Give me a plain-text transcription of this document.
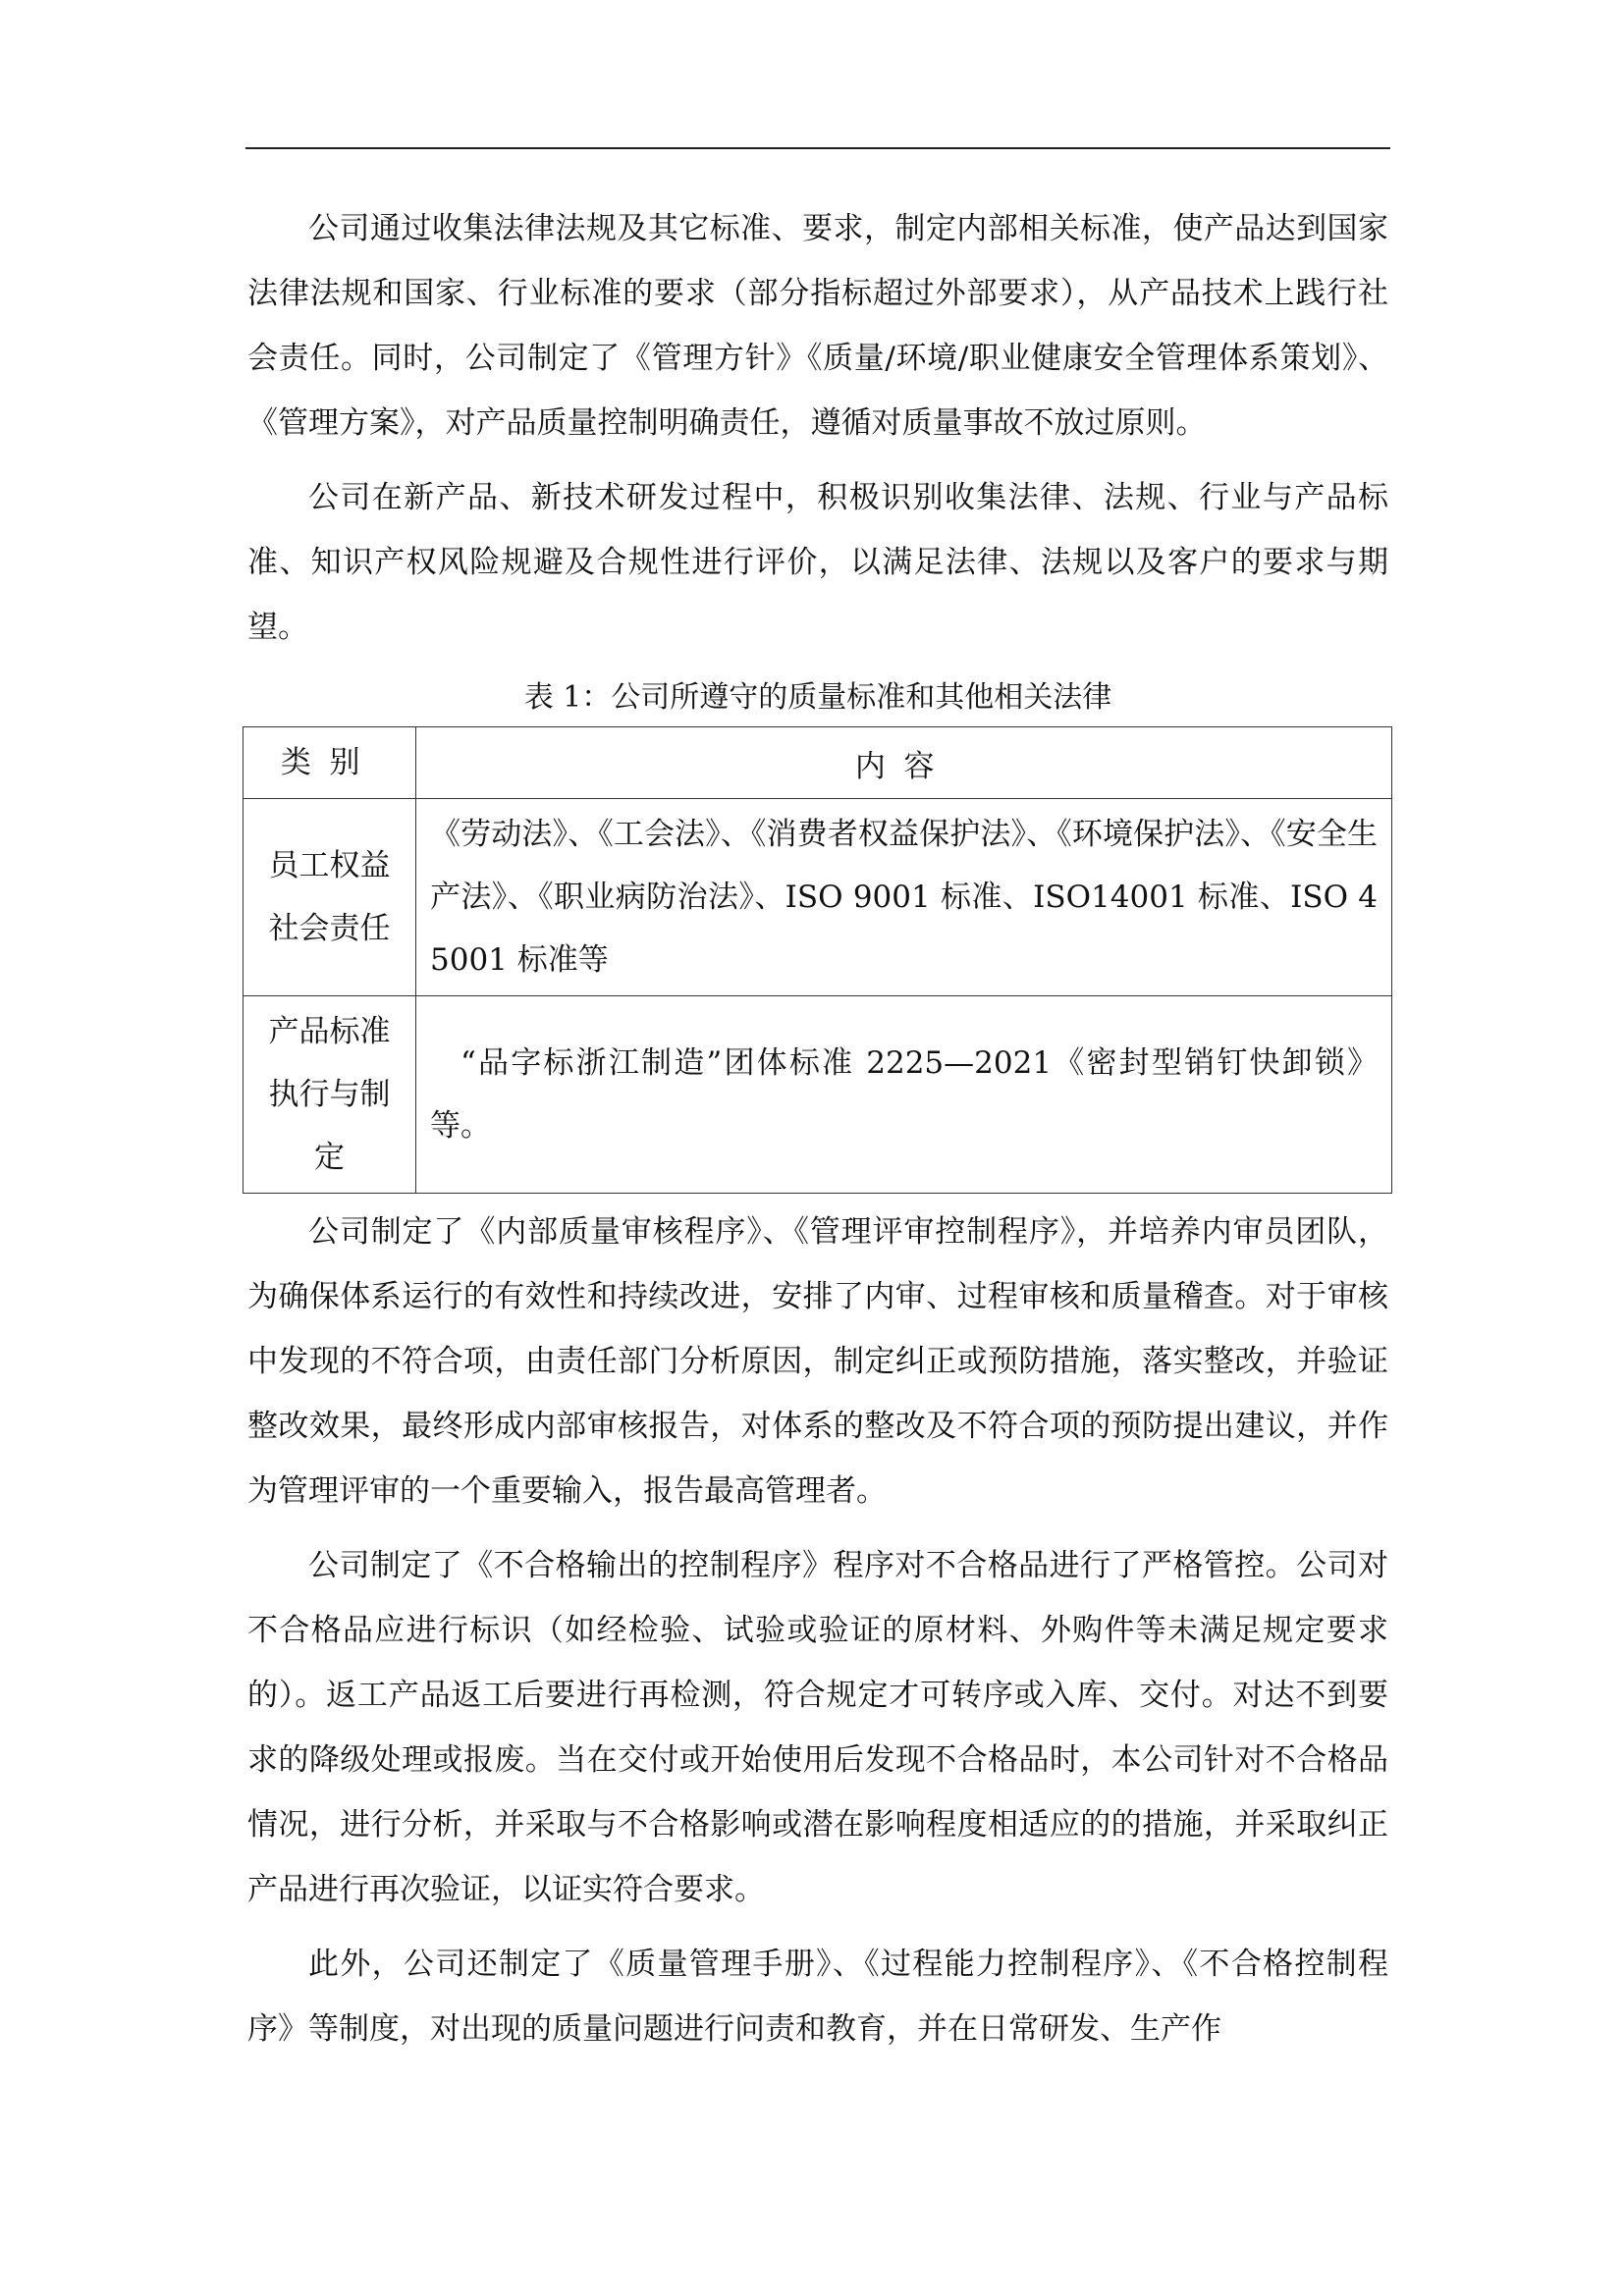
公司通过收集法律法规及其它标准、要求，制定内部相关标准，使产品达到国家法律法规和国家、行业标准的要求（部分指标超过外部要求），从产品技术上践行社会责任。同时，公司制定了《管理方针》《质量/环境/职业健康安全管理体系策划》、《管理方案》，对产品质量控制明确责任，遵循对质量事故不放过原则。

公司在新产品、新技术研发过程中，积极识别收集法律、法规、行业与产品标准、知识产权风险规避及合规性进行评价，以满足法律、法规以及客户的要求与期望。

表 1：公司所遵守的质量标准和其他相关法律

类别	内容

员工权益
社会责任	《劳动法》、《工会法》、《消费者权益保护法》、《环境保护法》、《安全生产法》、《职业病防治法》、ISO 9001 标准、ISO14001 标准、ISO 45001 标准等

产品标准
执行与制
定	“品字标浙江制造”团体标准 2225—2021《密封型销钉快卸锁》等。

公司制定了《内部质量审核程序》、《管理评审控制程序》，并培养内审员团队，为确保体系运行的有效性和持续改进，安排了内审、过程审核和质量稽查。对于审核中发现的不符合项，由责任部门分析原因，制定纠正或预防措施，落实整改，并验证整改效果，最终形成内部审核报告，对体系的整改及不符合项的预防提出建议，并作为管理评审的一个重要输入，报告最高管理者。

公司制定了《不合格输出的控制程序》程序对不合格品进行了严格管控。公司对不合格品应进行标识（如经检验、试验或验证的原材料、外购件等未满足规定要求的）。返工产品返工后要进行再检测，符合规定才可转序或入库、交付。对达不到要求的降级处理或报废。当在交付或开始使用后发现不合格品时，本公司针对不合格品情况，进行分析，并采取与不合格影响或潜在影响程度相适应的的措施，并采取纠正产品进行再次验证，以证实符合要求。

此外，公司还制定了《质量管理手册》、《过程能力控制程序》、《不合格控制程序》等制度，对出现的质量问题进行问责和教育，并在日常研发、生产作
